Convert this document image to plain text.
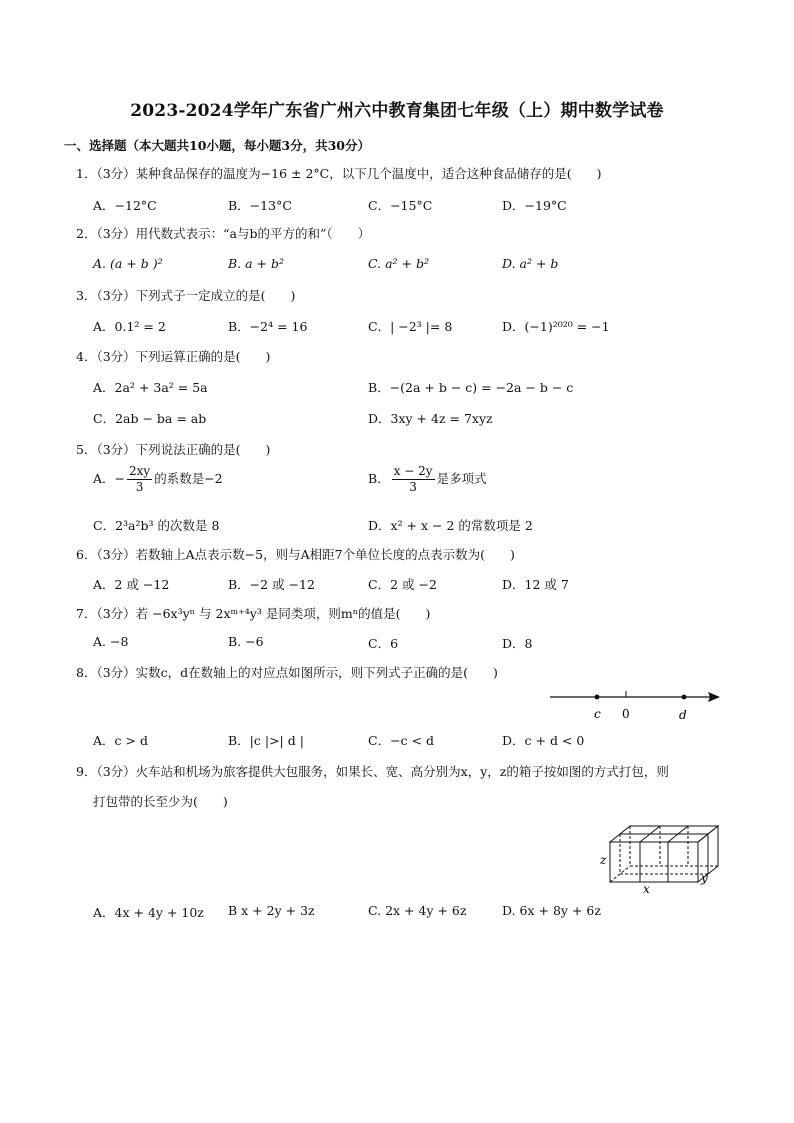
2023-2024学年广东省广州六中教育集团七年级（上）期中数学试卷
一、选择题（本大题共10小题，每小题3分，共30分）
1．（3分）某种食品保存的温度为−16 ± 2°C，以下几个温度中，适合这种食品储存的是(　　)
A．−12°C	B．−13°C	C．−15°C	D．−19°C
2．（3分）用代数式表示：“a与b的平方的和”（　　）
A. (a + b )²	B. a + b²	C. a² + b²	D. a² + b
3．（3分）下列式子一定成立的是(　　)
A．0.1² = 2	B．−2⁴ = 16	C．| −2³ |= 8	D．(−1)²⁰²⁰ = −1
4．（3分）下列运算正确的是(　　)
A．2a² + 3a² = 5a	B．−(2a + b − c) = −2a − b − c
C．2ab − ba = ab	D．3xy + 4z = 7xyz
5．（3分）下列说法正确的是(　　)
A．− $\frac{2xy}{3}$ 的系数是−2	B． $\frac{x - 2y}{3}$ 是多项式
C．2³a²b³ 的次数是 8	D．x² + x − 2 的常数项是 2
6．（3分）若数轴上A点表示数−5，则与A相距7个单位长度的点表示数为(　　)
A．2 或 −12	B．−2 或 −12	C．2 或 −2	D．12 或 7
7．（3分）若 −6x³yⁿ 与 2xᵐ⁺⁴y³ 是同类项，则mⁿ的值是(　　)
A. −8	B. −6	C．6	D．8
8．（3分）实数c，d在数轴上的对应点如图所示，则下列式子正确的是(　　)
c 0	d
A．c > d	B．|c |>| d |	C．−c < d	D．c + d < 0
9．（3分）火车站和机场为旅客提供大包服务，如果长、宽、高分别为x，y，z的箱子按如图的方式打包，则
打包带的长至少为(　　)
z
x
y
A．4x + 4y + 10z B x + 2y + 3z	C. 2x + 4y + 6z	D. 6x + 8y + 6z
